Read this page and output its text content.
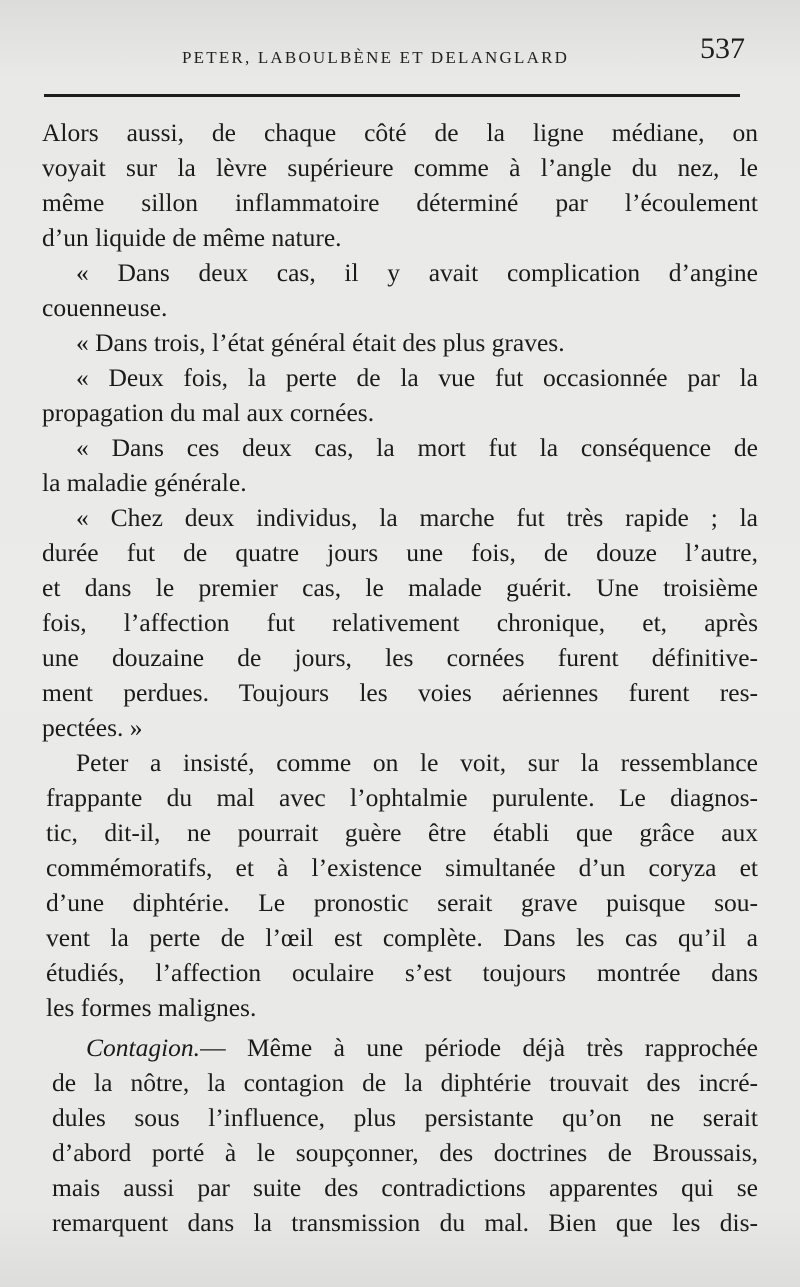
PETER, LABOULBÈNE ET DELANGLARD	537
Alors aussi, de chaque côté de la ligne médiane, on
voyait sur la lèvre supérieure comme à l’angle du nez, le
même sillon inflammatoire déterminé par l’écoulement
d’un liquide de même nature.
« Dans deux cas, il y avait complication d’angine
couenneuse.
« Dans trois, l’état général était des plus graves.
« Deux fois, la perte de la vue fut occasionnée par la
propagation du mal aux cornées.
« Dans ces deux cas, la mort fut la conséquence de
la maladie générale.
« Chez deux individus, la marche fut très rapide ; la
durée fut de quatre jours une fois, de douze l’autre,
et dans le premier cas, le malade guérit. Une troisième
fois, l’affection fut relativement chronique, et, après
une douzaine de jours, les cornées furent définitive-
ment perdues. Toujours les voies aériennes furent res-
pectées. »
Peter a insisté, comme on le voit, sur la ressemblance
frappante du mal avec l’ophtalmie purulente. Le diagnos-
tic, dit-il, ne pourrait guère être établi que grâce aux
commémoratifs, et à l’existence simultanée d’un coryza et
d’une diphtérie. Le pronostic serait grave puisque sou-
vent la perte de l’œil est complète. Dans les cas qu’il a
étudiés, l’affection oculaire s’est toujours montrée dans
les formes malignes.
Contagion.— Même à une période déjà très rapprochée
de la nôtre, la contagion de la diphtérie trouvait des incré-
dules sous l’influence, plus persistante qu’on ne serait
d’abord porté à le soupçonner, des doctrines de Broussais,
mais aussi par suite des contradictions apparentes qui se
remarquent dans la transmission du mal. Bien que les dis-
